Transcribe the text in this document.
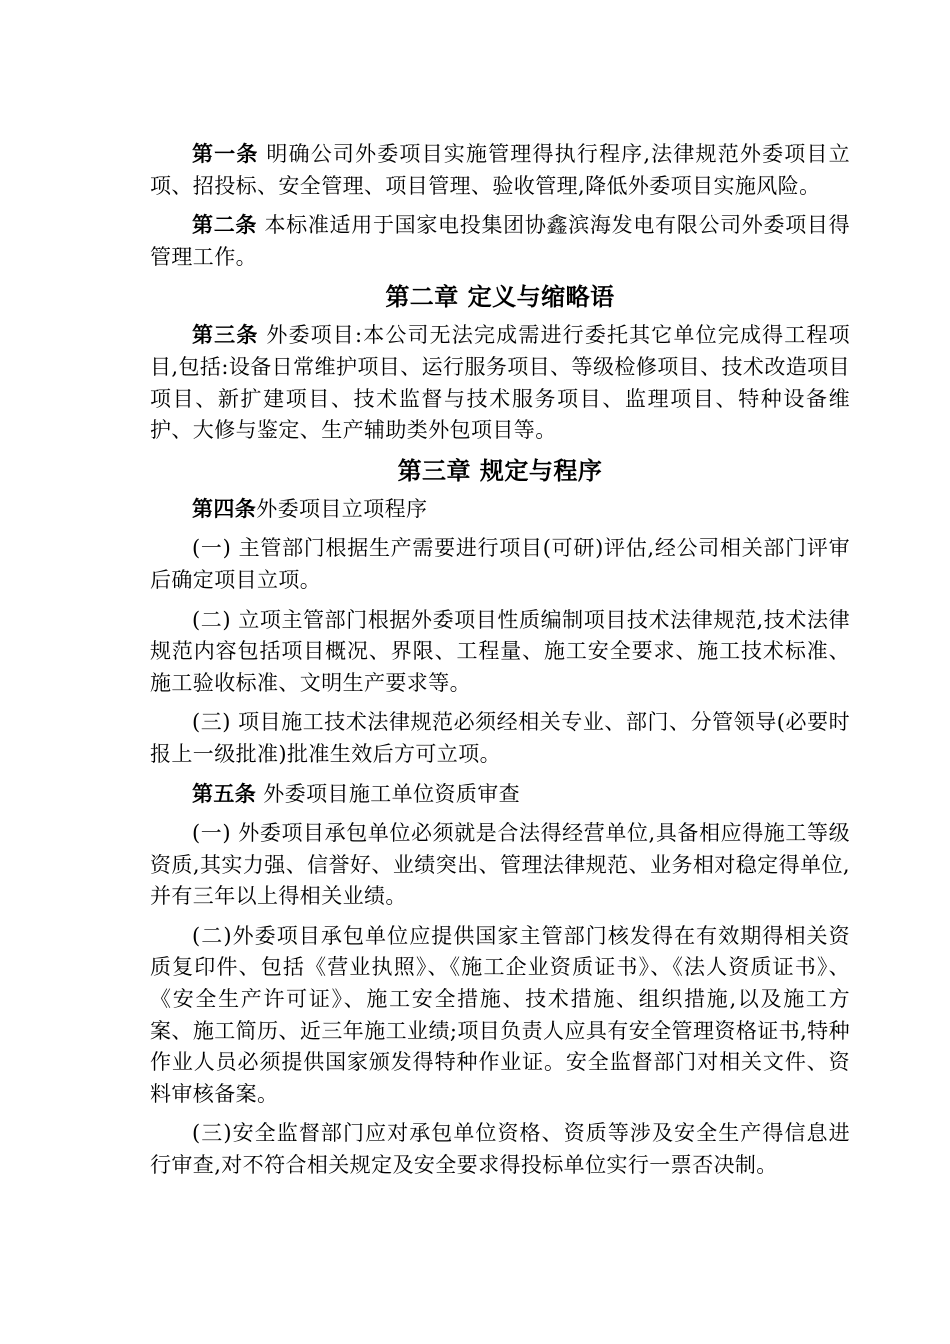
第一条 明确公司外委项目实施管理得执行程序,法律规范外委项目立项、招投标、安全管理、项目管理、验收管理,降低外委项目实施风险。

第二条 本标准适用于国家电投集团协鑫滨海发电有限公司外委项目得管理工作。

第二章 定义与缩略语

第三条 外委项目:本公司无法完成需进行委托其它单位完成得工程项目,包括:设备日常维护项目、运行服务项目、等级检修项目、技术改造项目项目、新扩建项目、技术监督与技术服务项目、监理项目、特种设备维护、大修与鉴定、生产辅助类外包项目等。

第三章 规定与程序

第四条外委项目立项程序

(一) 主管部门根据生产需要进行项目(可研)评估,经公司相关部门评审后确定项目立项。

(二) 立项主管部门根据外委项目性质编制项目技术法律规范,技术法律规范内容包括项目概况、界限、工程量、施工安全要求、施工技术标准、施工验收标准、文明生产要求等。

(三) 项目施工技术法律规范必须经相关专业、部门、分管领导(必要时报上一级批准)批准生效后方可立项。

第五条 外委项目施工单位资质审查

(一) 外委项目承包单位必须就是合法得经营单位,具备相应得施工等级资质,其实力强、信誉好、业绩突出、管理法律规范、业务相对稳定得单位,并有三年以上得相关业绩。

(二)外委项目承包单位应提供国家主管部门核发得在有效期得相关资质复印件、包括《营业执照》、《施工企业资质证书》、《法人资质证书》、《安全生产许可证》、施工安全措施、技术措施、组织措施,以及施工方案、施工简历、近三年施工业绩;项目负责人应具有安全管理资格证书,特种作业人员必须提供国家颁发得特种作业证。安全监督部门对相关文件、资料审核备案。

(三)安全监督部门应对承包单位资格、资质等涉及安全生产得信息进行审查,对不符合相关规定及安全要求得投标单位实行一票否决制。
